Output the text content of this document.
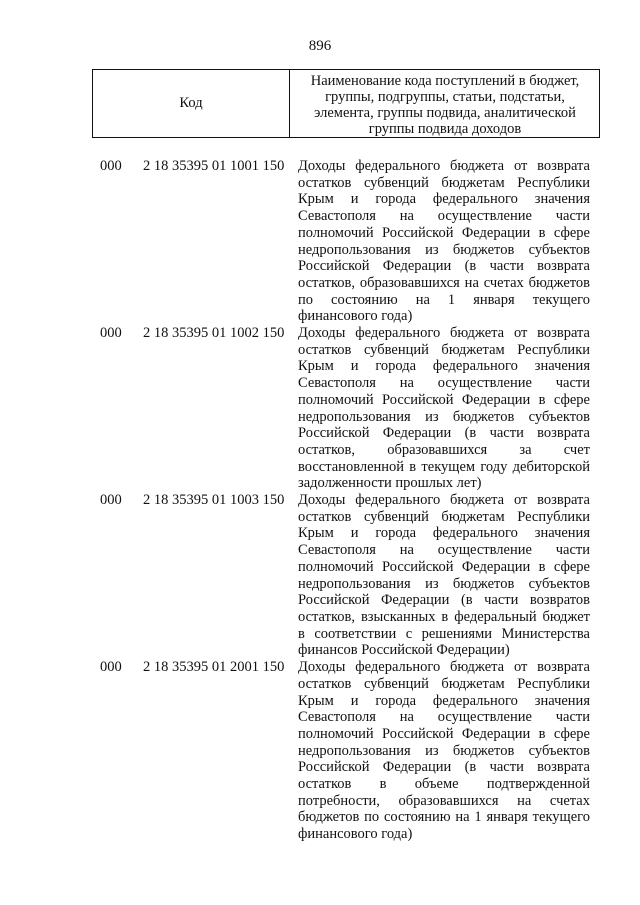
896
Код
Наименование кода поступлений в бюджет,
группы, подгруппы, статьи, подстатьи,
элемента, группы подвида, аналитической
группы подвида доходов
000 2 18 35395 01 1001 150 Доходы федерального бюджета от возврата остатков субвенций бюджетам Республики Крым и города федерального значения Севастополя на осуществление части полномочий Российской Федерации в сфере недропользования из бюджетов субъектов Российской Федерации (в части возврата остатков, образовавшихся на счетах бюджетов по состоянию на 1 января текущего финансового года)
000 2 18 35395 01 1002 150 Доходы федерального бюджета от возврата остатков субвенций бюджетам Республики Крым и города федерального значения Севастополя на осуществление части полномочий Российской Федерации в сфере недропользования из бюджетов субъектов Российской Федерации (в части возврата остатков, образовавшихся за счет восстановленной в текущем году дебиторской задолженности прошлых лет)
000 2 18 35395 01 1003 150 Доходы федерального бюджета от возврата остатков субвенций бюджетам Республики Крым и города федерального значения Севастополя на осуществление части полномочий Российской Федерации в сфере недропользования из бюджетов субъектов Российской Федерации (в части возвратов остатков, взысканных в федеральный бюджет в соответствии с решениями Министерства финансов Российской Федерации)
000 2 18 35395 01 2001 150 Доходы федерального бюджета от возврата остатков субвенций бюджетам Республики Крым и города федерального значения Севастополя на осуществление части полномочий Российской Федерации в сфере недропользования из бюджетов субъектов Российской Федерации (в части возврата остатков в объеме подтвержденной потребности, образовавшихся на счетах бюджетов по состоянию на 1 января текущего финансового года)
